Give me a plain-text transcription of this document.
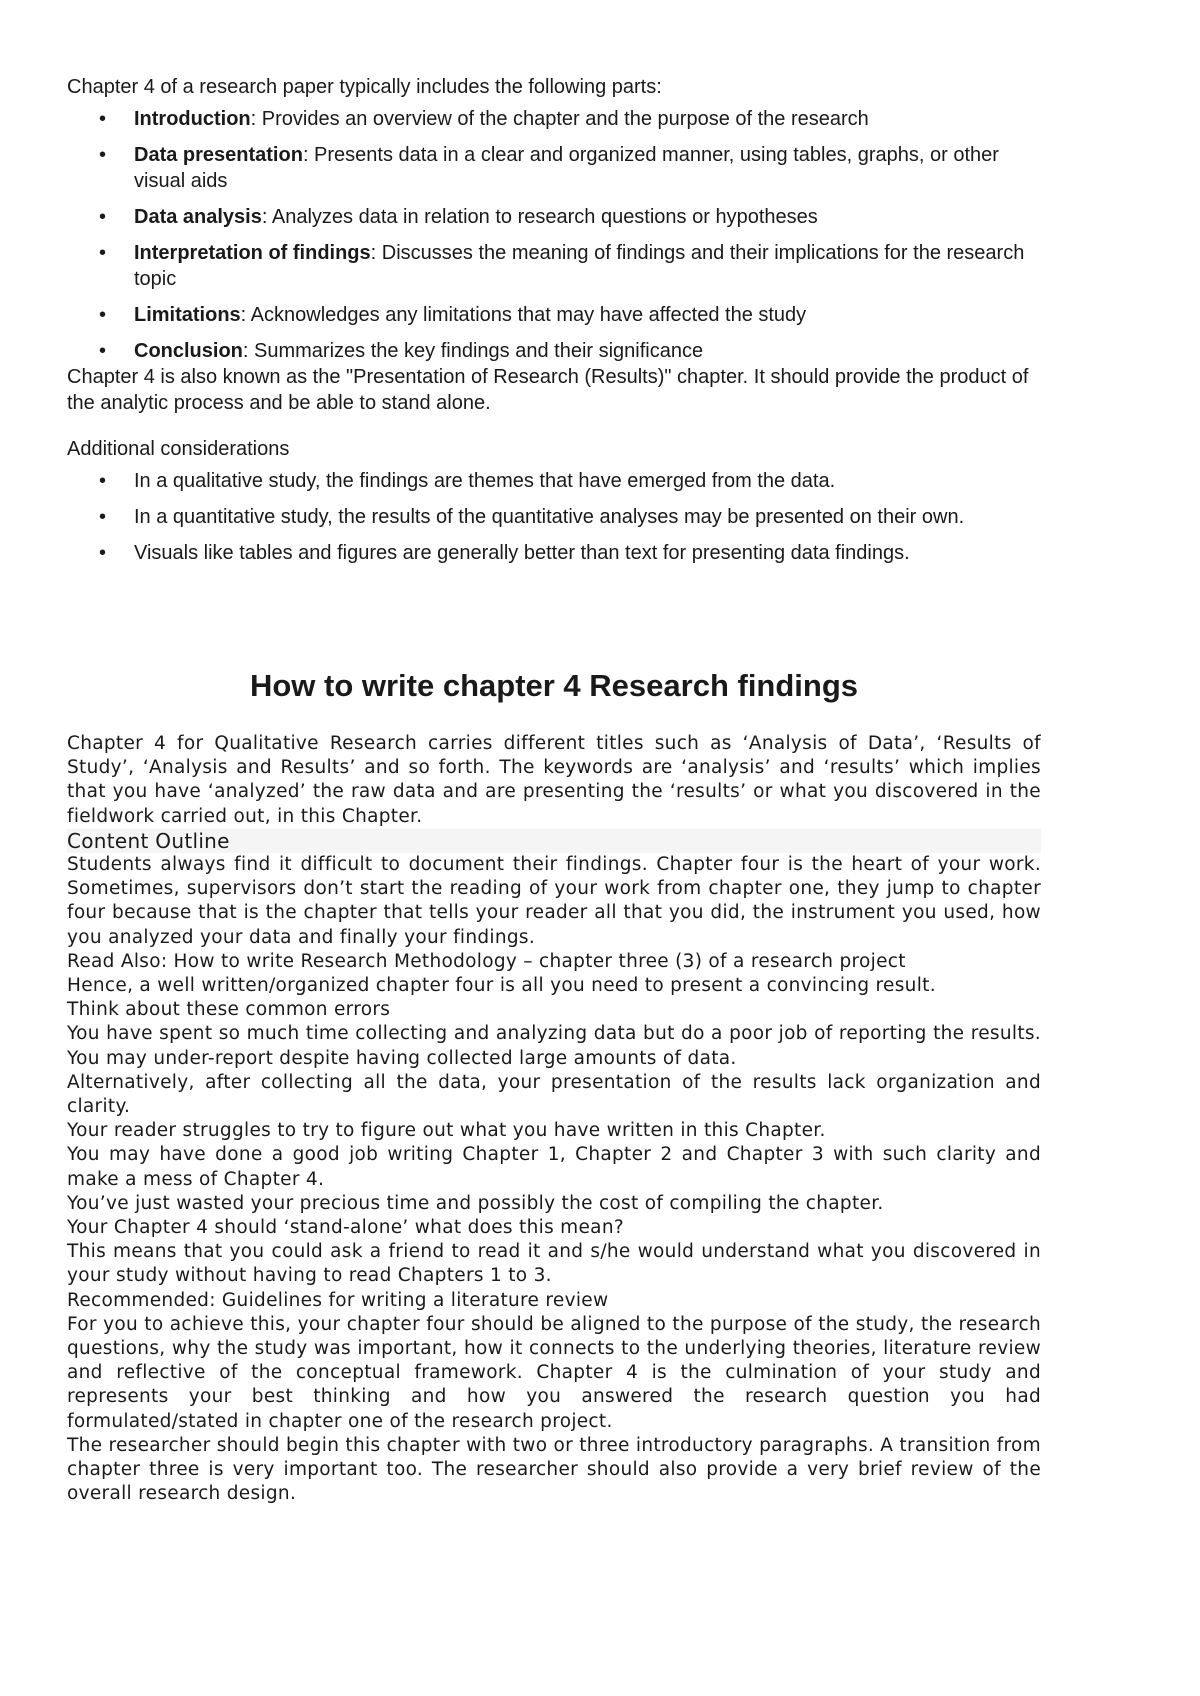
Chapter 4 of a research paper typically includes the following parts:

• Introduction: Provides an overview of the chapter and the purpose of the research
• Data presentation: Presents data in a clear and organized manner, using tables, graphs, or other visual aids
• Data analysis: Analyzes data in relation to research questions or hypotheses
• Interpretation of findings: Discusses the meaning of findings and their implications for the research topic
• Limitations: Acknowledges any limitations that may have affected the study
• Conclusion: Summarizes the key findings and their significance

Chapter 4 is also known as the "Presentation of Research (Results)" chapter. It should provide the product of the analytic process and be able to stand alone.

Additional considerations

• In a qualitative study, the findings are themes that have emerged from the data.
• In a quantitative study, the results of the quantitative analyses may be presented on their own.
• Visuals like tables and figures are generally better than text for presenting data findings.
How to write chapter 4 Research findings

Chapter 4 for Qualitative Research carries different titles such as ‘Analysis of Data’, ‘Results of Study’, ‘Analysis and Results’ and so forth. The keywords are ‘analysis’ and ‘results’ which implies that you have ‘analyzed’ the raw data and are presenting the ‘results’ or what you discovered in the fieldwork carried out, in this Chapter.

Content Outline

Students always find it difficult to document their findings. Chapter four is the heart of your work. Sometimes, supervisors don’t start the reading of your work from chapter one, they jump to chapter four because that is the chapter that tells your reader all that you did, the instrument you used, how you analyzed your data and finally your findings.

Read Also: How to write Research Methodology – chapter three (3) of a research project

Hence, a well written/organized chapter four is all you need to present a convincing result.

Think about these common errors

You have spent so much time collecting and analyzing data but do a poor job of reporting the results. You may under-report despite having collected large amounts of data.

Alternatively, after collecting all the data, your presentation of the results lack organization and clarity.

Your reader struggles to try to figure out what you have written in this Chapter.

You may have done a good job writing Chapter 1, Chapter 2 and Chapter 3 with such clarity and make a mess of Chapter 4.

You’ve just wasted your precious time and possibly the cost of compiling the chapter.

Your Chapter 4 should ‘stand-alone’ what does this mean?

This means that you could ask a friend to read it and s/he would understand what you discovered in your study without having to read Chapters 1 to 3.

Recommended: Guidelines for writing a literature review

For you to achieve this, your chapter four should be aligned to the purpose of the study, the research questions, why the study was important, how it connects to the underlying theories, literature review and reflective of the conceptual framework. Chapter 4 is the culmination of your study and represents your best thinking and how you answered the research question you had formulated/stated in chapter one of the research project.

The researcher should begin this chapter with two or three introductory paragraphs. A transition from chapter three is very important too. The researcher should also provide a very brief review of the overall research design.
